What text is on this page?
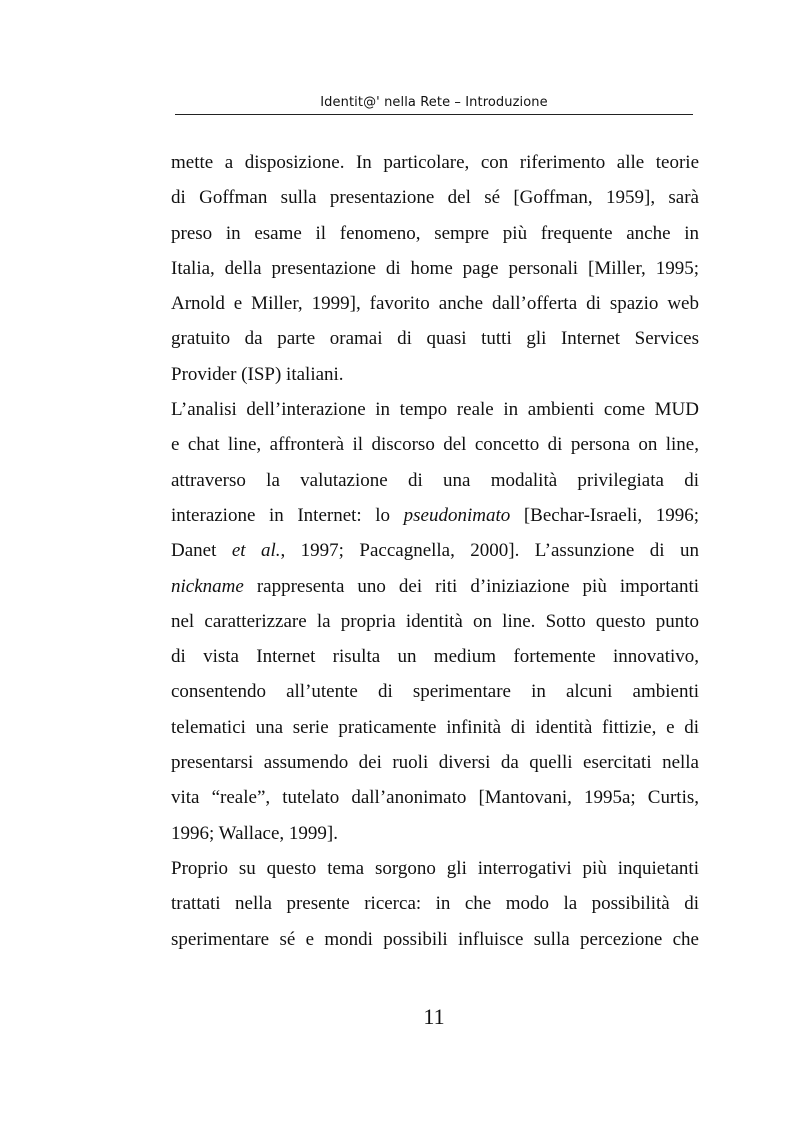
Identit@' nella Rete – Introduzione
mette a disposizione. In particolare, con riferimento alle teorie
di Goffman sulla presentazione del sé [Goffman, 1959], sarà
preso in esame il fenomeno, sempre più frequente anche in
Italia, della presentazione di home page personali [Miller, 1995;
Arnold e Miller, 1999], favorito anche dall’offerta di spazio web
gratuito da parte oramai di quasi tutti gli Internet Services
Provider (ISP) italiani.
L’analisi dell’interazione in tempo reale in ambienti come MUD
e chat line, affronterà il discorso del concetto di persona on line,
attraverso la valutazione di una modalità privilegiata di
interazione in Internet: lo pseudonimato [Bechar-Israeli, 1996;
Danet et al., 1997; Paccagnella, 2000]. L’assunzione di un
nickname rappresenta uno dei riti d’iniziazione più importanti
nel caratterizzare la propria identità on line. Sotto questo punto
di vista Internet risulta un medium fortemente innovativo,
consentendo all’utente di sperimentare in alcuni ambienti
telematici una serie praticamente infinità di identità fittizie, e di
presentarsi assumendo dei ruoli diversi da quelli esercitati nella
vita “reale”, tutelato dall’anonimato [Mantovani, 1995a; Curtis,
1996; Wallace, 1999].
Proprio su questo tema sorgono gli interrogativi più inquietanti
trattati nella presente ricerca: in che modo la possibilità di
sperimentare sé e mondi possibili influisce sulla percezione che
11
